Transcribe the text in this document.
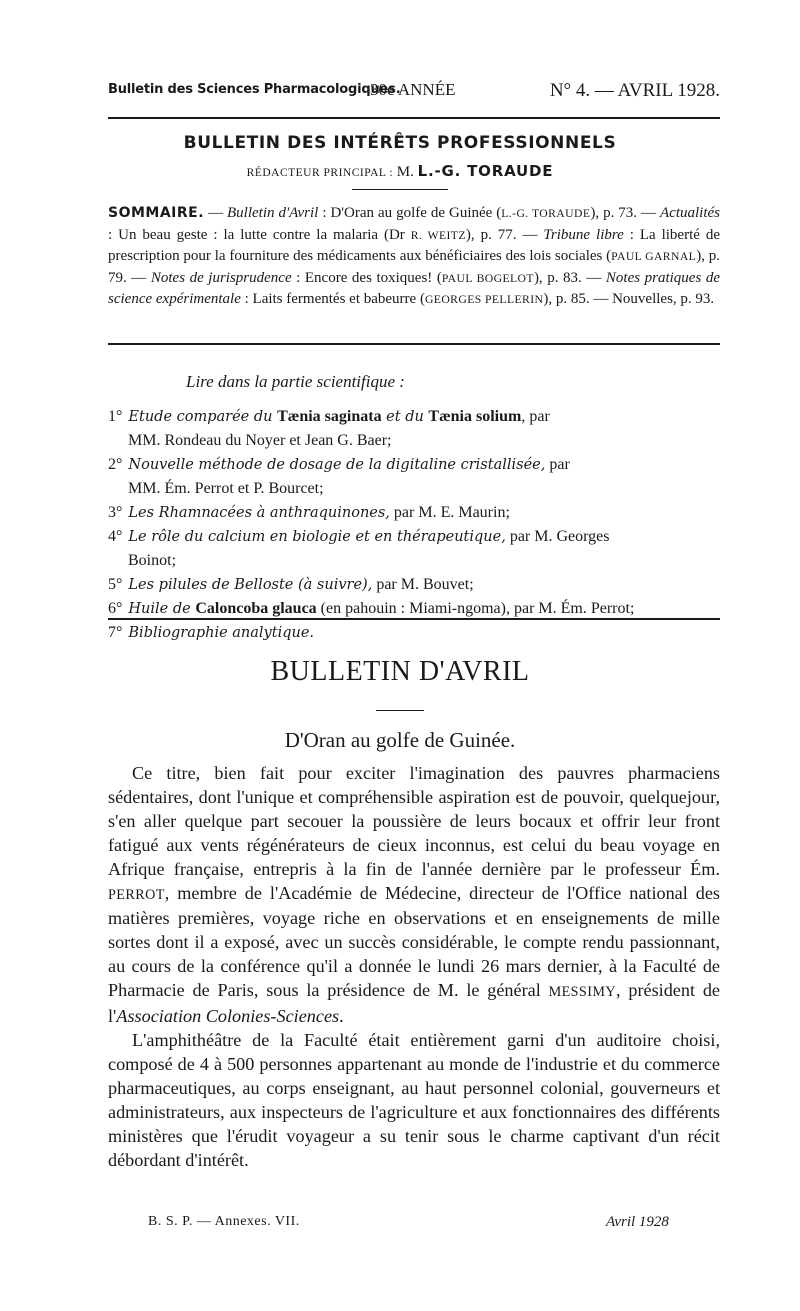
Bulletin des Sciences Pharmacologiques.
30e ANNÉE	N° 4. — AVRIL 1928.
BULLETIN DES INTÉRÊTS PROFESSIONNELS
RÉDACTEUR PRINCIPAL : M. L.-G. TORAUDE
SOMMAIRE. — Bulletin d'Avril : D'Oran au golfe de Guinée (L.-G. TORAUDE), p. 73. — Actualités : Un beau geste : la lutte contre la malaria (Dr R. WEITZ), p. 77. — Tribune libre : La liberté de prescription pour la fourniture des médicaments aux bénéficiaires des lois sociales (PAUL GARNAL), p. 79. — Notes de jurisprudence : Encore des toxiques! (PAUL BOGELOT), p. 83. — Notes pratiques de science expérimentale : Laits fermentés et babeurre (GEORGES PELLERIN), p. 85. — Nouvelles, p. 93.
Lire dans la partie scientifique :
1° Etude comparée du Tænia saginata et du Tænia solium, par
MM. Rondeau du Noyer et Jean G. Baer;
2° Nouvelle méthode de dosage de la digitaline cristallisée, par
MM. Ém. Perrot et P. Bourcet;
3° Les Rhamnacées à anthraquinones, par M. E. Maurin;
4° Le rôle du calcium en biologie et en thérapeutique, par M. Georges
Boinot;
5° Les pilules de Belloste (à suivre), par M. Bouvet;
6° Huile de Caloncoba glauca (en pahouin : Miami-ngoma), par M. Ém. Perrot;
7° Bibliographie analytique.
BULLETIN D'AVRIL
D'Oran au golfe de Guinée.

Ce titre, bien fait pour exciter l'imagination des pauvres pharmaciens sédentaires, dont l'unique et compréhensible aspiration est de pouvoir, quelquejour, s'en aller quelque part secouer la poussière de leurs bocaux et offrir leur front fatigué aux vents régénérateurs de cieux inconnus, est celui du beau voyage en Afrique française, entrepris à la fin de l'année dernière par le professeur Ém. PERROT, membre de l'Académie de Médecine, directeur de l'Office national des matières premières, voyage riche en observations et en enseignements de mille sortes dont il a exposé, avec un succès considérable, le compte rendu passionnant, au cours de la conférence qu'il a donnée le lundi 26 mars dernier, à la Faculté de Pharmacie de Paris, sous la présidence de M. le général MESSIMY, président de l'Association Colonies-Sciences.

L'amphithéâtre de la Faculté était entièrement garni d'un auditoire choisi, composé de 4 à 500 personnes appartenant au monde de l'industrie et du commerce pharmaceutiques, au corps enseignant, au haut personnel colonial, gouverneurs et administrateurs, aux inspecteurs de l'agriculture et aux fonctionnaires des différents ministères que l'érudit voyageur a su tenir sous le charme captivant d'un récit débordant d'intérêt.

B. S. P. — Annexes. VII.	Avril 1928
